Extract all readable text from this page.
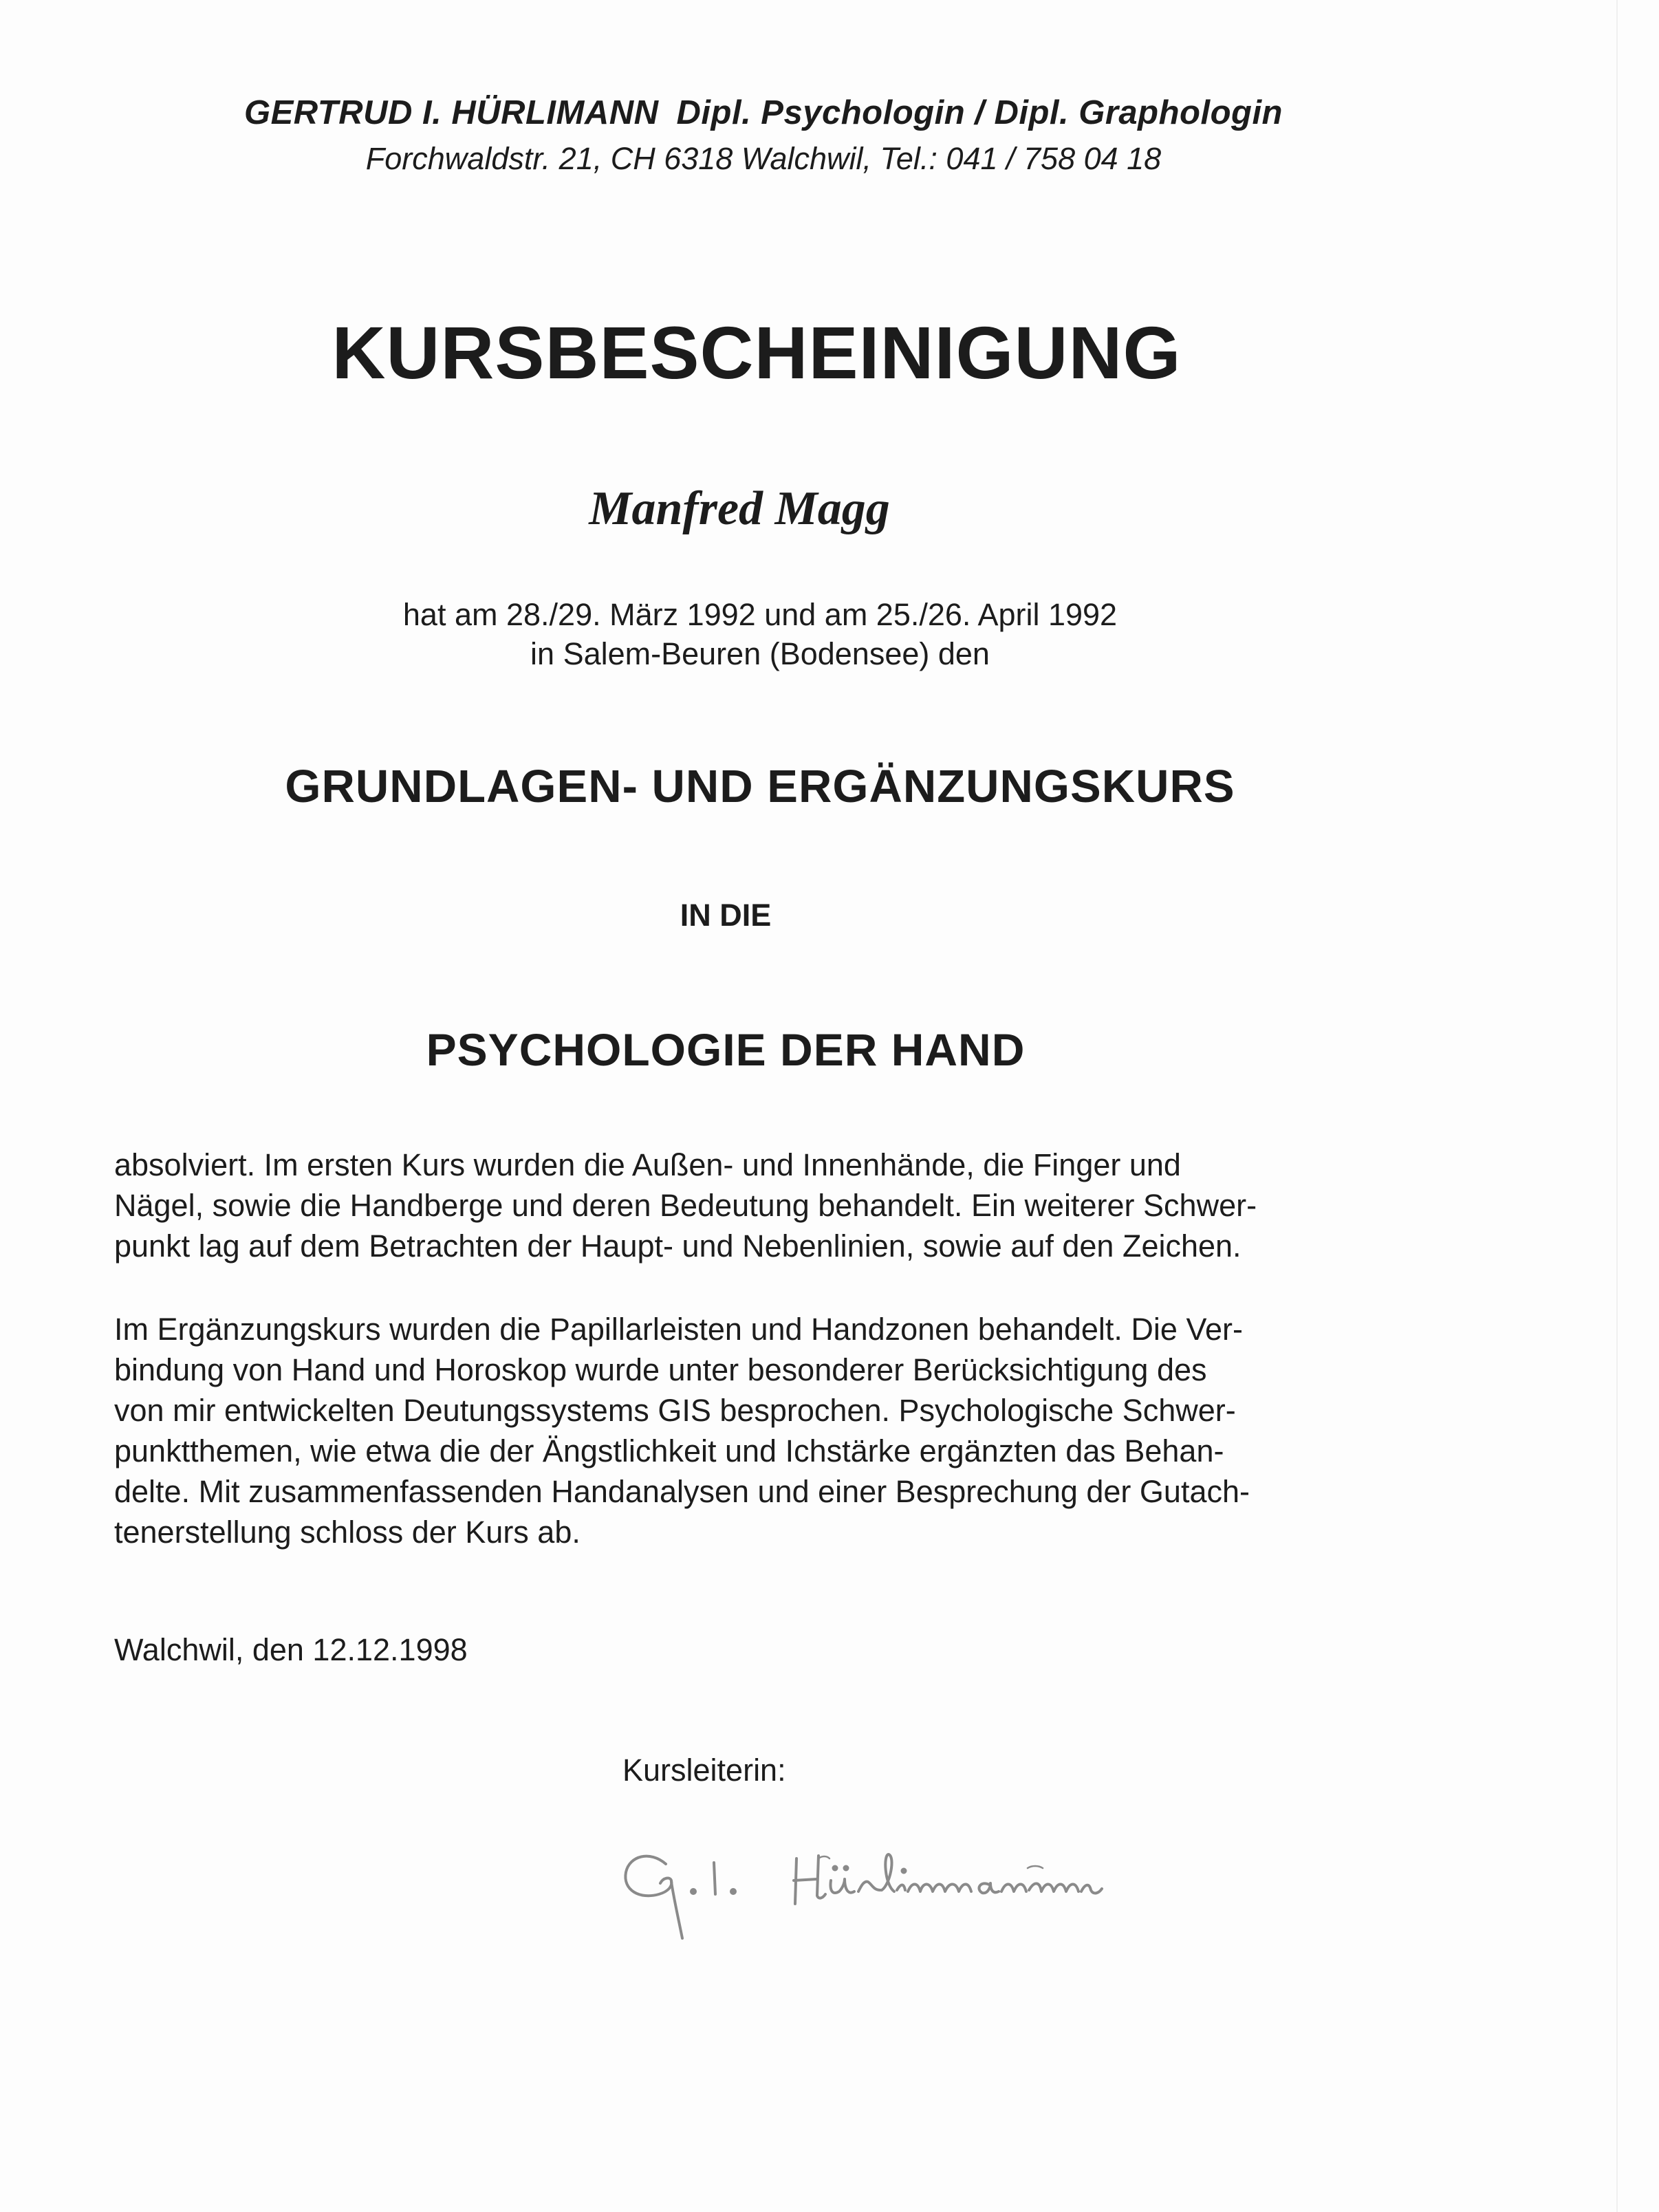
GERTRUD I. HÜRLIMANN Dipl. Psychologin / Dipl. Graphologin
Forchwaldstr. 21, CH 6318 Walchwil, Tel.: 041 / 758 04 18
KURSBESCHEINIGUNG
Manfred Magg
hat am 28./29. März 1992 und am 25./26. April 1992
in Salem-Beuren (Bodensee) den
GRUNDLAGEN- UND ERGÄNZUNGSKURS
IN DIE
PSYCHOLOGIE DER HAND
absolviert. Im ersten Kurs wurden die Außen- und Innenhände, die Finger und
Nägel, sowie die Handberge und deren Bedeutung behandelt. Ein weiterer Schwer-
punkt lag auf dem Betrachten der Haupt- und Nebenlinien, sowie auf den Zeichen.
Im Ergänzungskurs wurden die Papillarleisten und Handzonen behandelt. Die Ver-
bindung von Hand und Horoskop wurde unter besonderer Berücksichtigung des
von mir entwickelten Deutungssystems GIS besprochen. Psychologische Schwer-
punktthemen, wie etwa die der Ängstlichkeit und Ichstärke ergänzten das Behan-
delte. Mit zusammenfassenden Handanalysen und einer Besprechung der Gutach-
tenerstellung schloss der Kurs ab.
Walchwil, den 12.12.1998
Kursleiterin:
